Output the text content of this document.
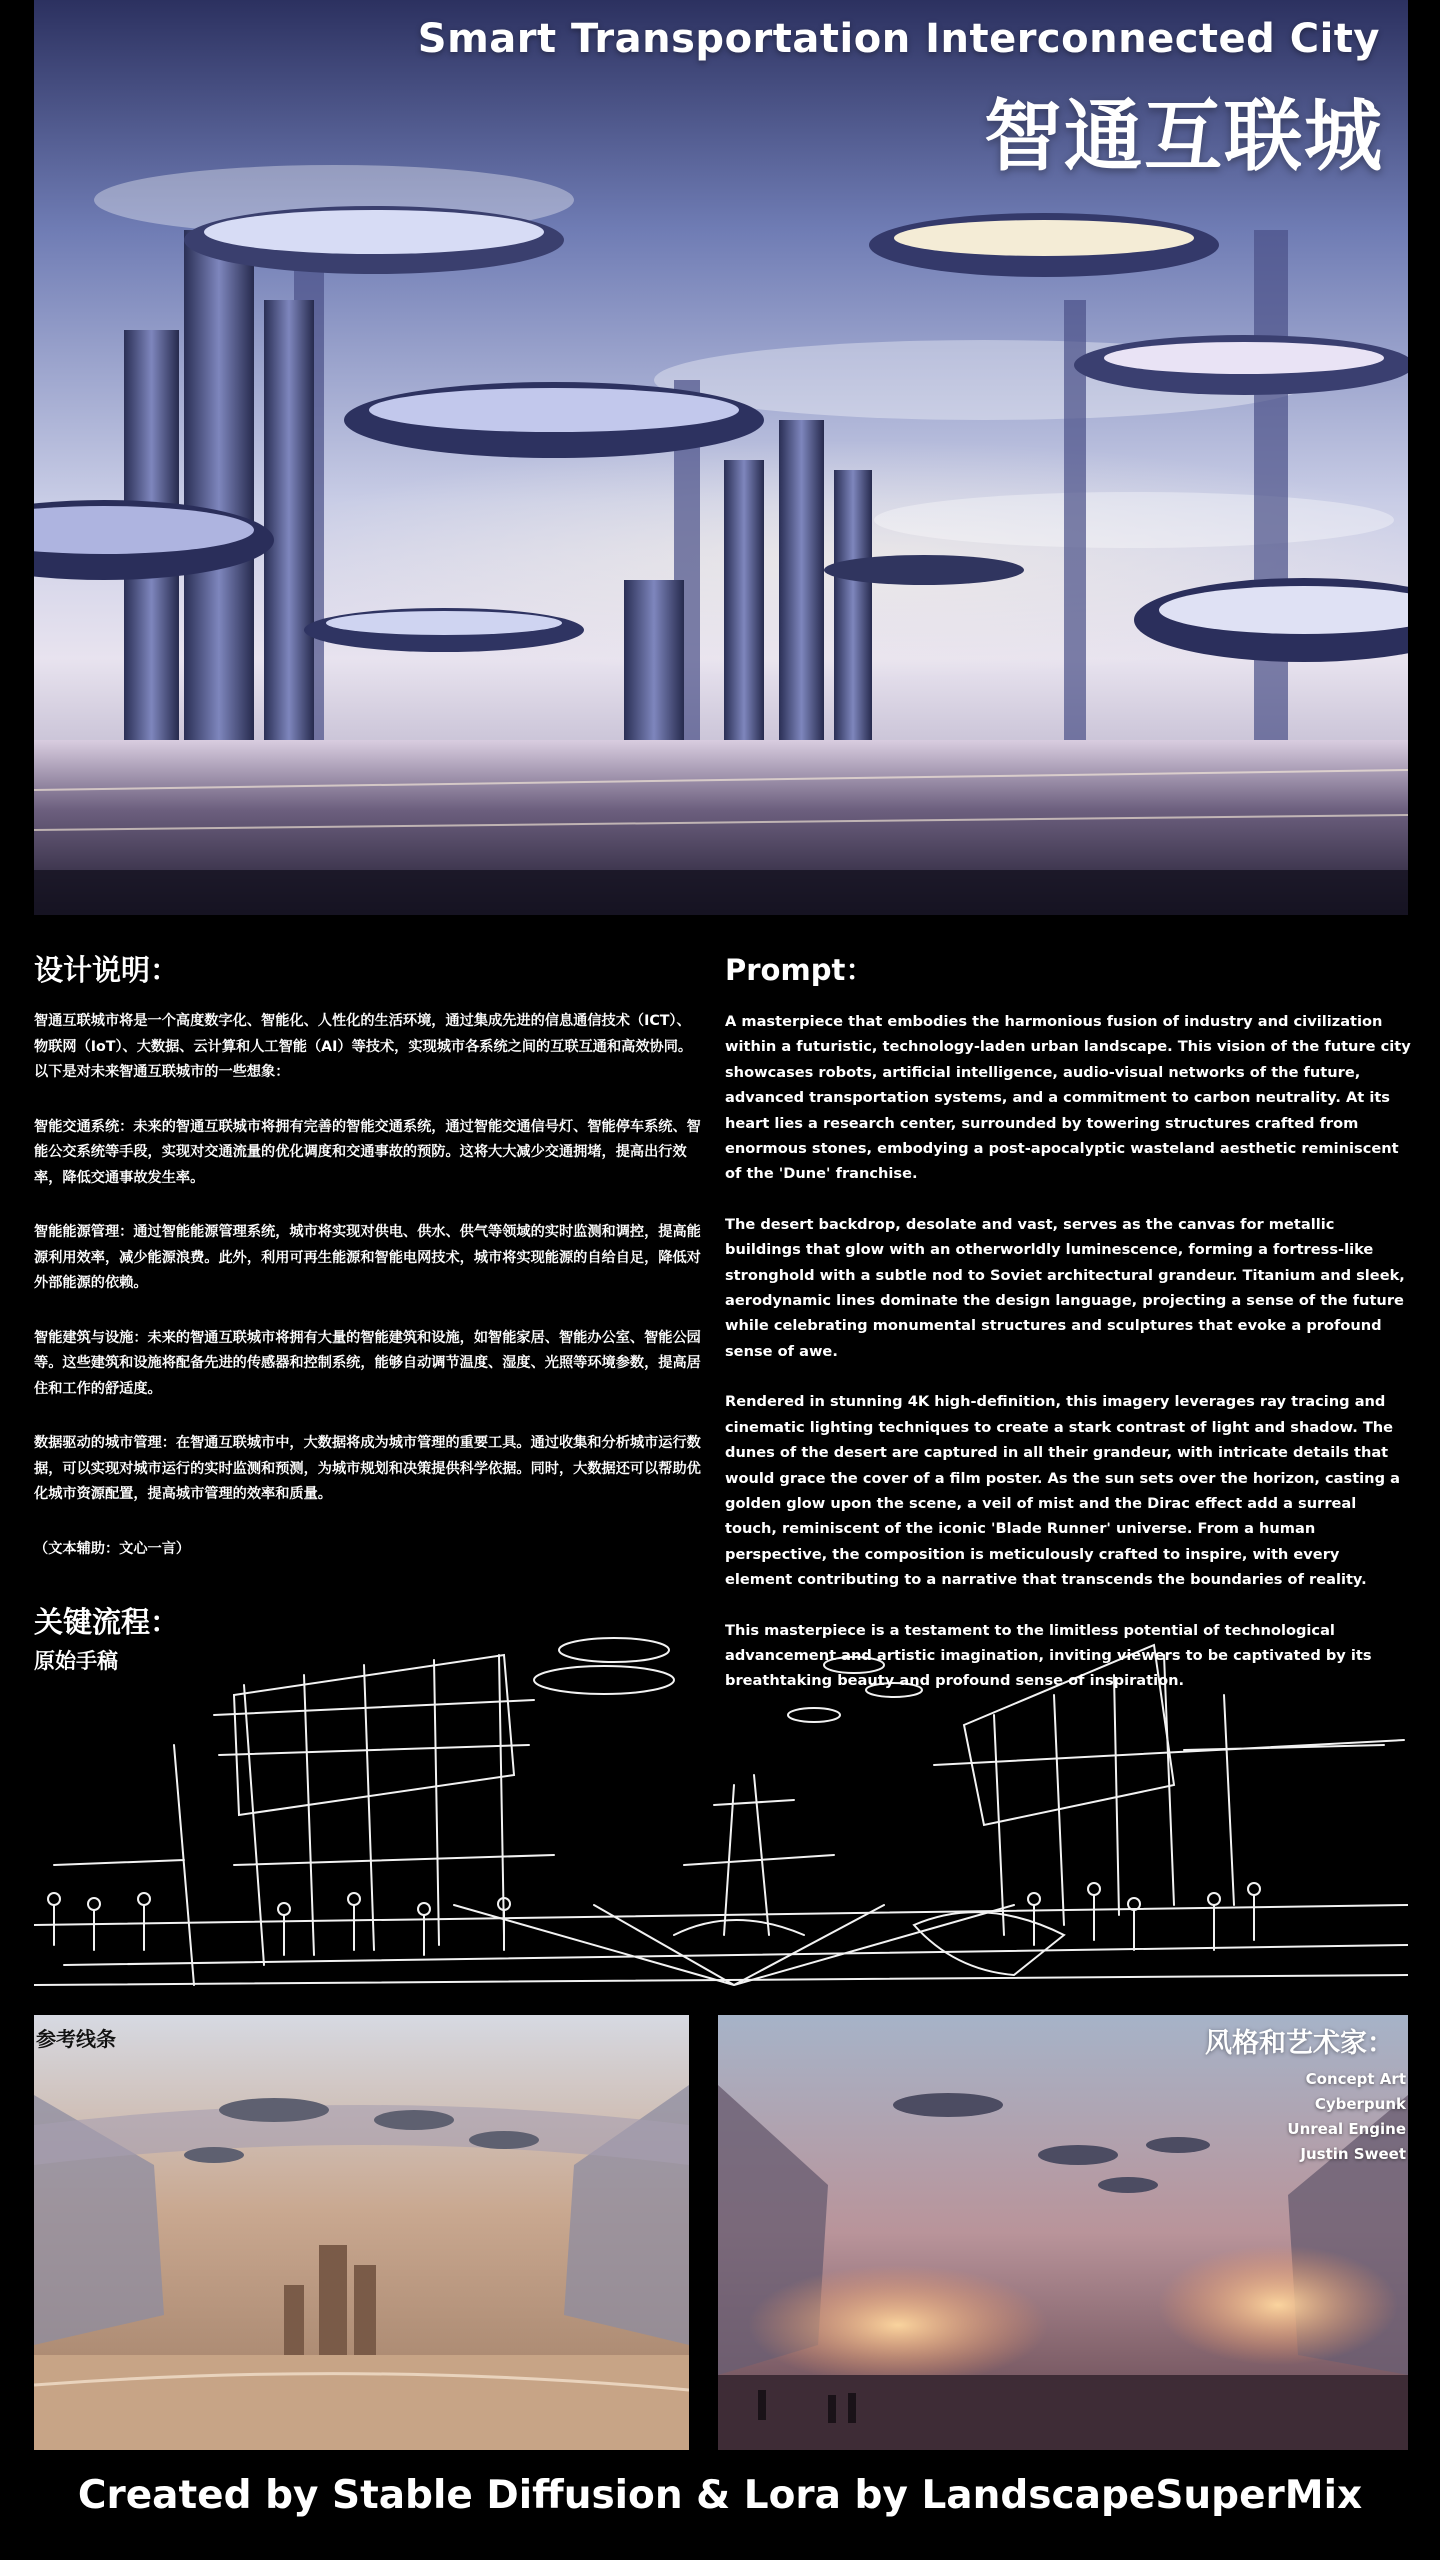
Smart Transportation Interconnected City
智通互联城
设计说明：

智通互联城市将是一个高度数字化、智能化、人性化的生活环境，通过集成先进的信息通信技术（ICT）、物联网（IoT）、大数据、云计算和人工智能（AI）等技术，实现城市各系统之间的互联互通和高效协同。以下是对未来智通互联城市的一些想象：

智能交通系统：未来的智通互联城市将拥有完善的智能交通系统，通过智能交通信号灯、智能停车系统、智能公交系统等手段，实现对交通流量的优化调度和交通事故的预防。这将大大减少交通拥堵，提高出行效率，降低交通事故发生率。

智能能源管理：通过智能能源管理系统，城市将实现对供电、供水、供气等领域的实时监测和调控，提高能源利用效率，减少能源浪费。此外，利用可再生能源和智能电网技术，城市将实现能源的自给自足，降低对外部能源的依赖。

智能建筑与设施：未来的智通互联城市将拥有大量的智能建筑和设施，如智能家居、智能办公室、智能公园等。这些建筑和设施将配备先进的传感器和控制系统，能够自动调节温度、湿度、光照等环境参数，提高居住和工作的舒适度。

数据驱动的城市管理：在智通互联城市中，大数据将成为城市管理的重要工具。通过收集和分析城市运行数据，可以实现对城市运行的实时监测和预测，为城市规划和决策提供科学依据。同时，大数据还可以帮助优化城市资源配置，提高城市管理的效率和质量。

（文本辅助：文心一言）

Prompt：

A masterpiece that embodies the harmonious fusion of industry and civilization within a futuristic, technology-laden urban landscape. This vision of the future city showcases robots, artificial intelligence, audio-visual networks of the future, advanced transportation systems, and a commitment to carbon neutrality. At its heart lies a research center, surrounded by towering structures crafted from enormous stones, embodying a post-apocalyptic wasteland aesthetic reminiscent of the 'Dune' franchise.

The desert backdrop, desolate and vast, serves as the canvas for metallic buildings that glow with an otherworldly luminescence, forming a fortress-like stronghold with a subtle nod to Soviet architectural grandeur. Titanium and sleek, aerodynamic lines dominate the design language, projecting a sense of the future while celebrating monumental structures and sculptures that evoke a profound sense of awe.

Rendered in stunning 4K high-definition, this imagery leverages ray tracing and cinematic lighting techniques to create a stark contrast of light and shadow. The dunes of the desert are captured in all their grandeur, with intricate details that would grace the cover of a film poster. As the sun sets over the horizon, casting a golden glow upon the scene, a veil of mist and the Dirac effect add a surreal touch, reminiscent of the iconic 'Blade Runner' universe. From a human perspective, the composition is meticulously crafted to inspire, with every element contributing to a narrative that transcends the boundaries of reality.

This masterpiece is a testament to the limitless potential of technological advancement and artistic imagination, inviting viewers to be captivated by its breathtaking beauty and profound sense of inspiration.

关键流程：
原始手稿
参考线条	风格和艺术家：
Concept Art
Cyberpunk
Unreal Engine
Justin Sweet
Created by Stable Diffusion & Lora by LandscapeSuperMix
